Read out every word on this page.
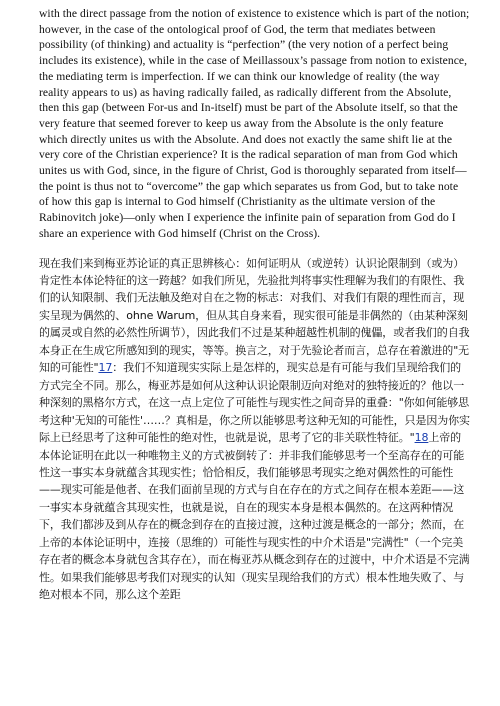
with the direct passage from the notion of existence to existence which is part of the notion; however, in the case of the ontological proof of God, the term that mediates between possibility (of thinking) and actuality is “perfection” (the very notion of a perfect being includes its existence), while in the case of Meillassoux’s passage from notion to existence, the mediating term is imperfection. If we can think our knowledge of reality (the way reality appears to us) as having radically failed, as radically different from the Absolute, then this gap (between For-us and In-itself) must be part of the Absolute itself, so that the very feature that seemed forever to keep us away from the Absolute is the only feature which directly unites us with the Absolute. And does not exactly the same shift lie at the very core of the Christian experience? It is the radical separation of man from God which unites us with God, since, in the figure of Christ, God is thoroughly separated from itself—the point is thus not to “overcome” the gap which separates us from God, but to take note of how this gap is internal to God himself (Christianity as the ultimate version of the Rabinovitch joke)—only when I experience the infinite pain of separation from God do I share an experience with God himself (Christ on the Cross).

现在我们来到梅亚苏论证的真正思辨核心：如何证明从（或逆转）认识论限制到（或为）肯定性本体论特征的这一跨越？如我们所见，先验批判将事实性理解为我们的有限性、我们的认知限制、我们无法触及绝对自在之物的标志：对我们、对我们有限的理性而言，现实呈现为偶然的、ohne Warum，但从其自身来看，现实很可能是非偶然的（由某种深刻的属灵或自然的必然性所调节），因此我们不过是某种超越性机制的傀儡，或者我们的自我本身正在生成它所感知到的现实，等等。换言之，对于先验论者而言，总存在着激进的"无知的可能性"17：我们不知道现实实际上是怎样的，现实总是有可能与我们呈现给我们的方式完全不同。那么，梅亚苏是如何从这种认识论限制迈向对绝对的独特接近的？他以一种深刻的黑格尔方式，在这一点上定位了可能性与现实性之间奇异的重叠："你如何能够思考这种'无知的可能性'……？真相是，你之所以能够思考这种无知的可能性，只是因为你实际上已经思考了这种可能性的绝对性，也就是说，思考了它的非关联性特征。"18上帝的本体论证明在此以一种唯物主义的方式被倒转了：并非我们能够思考一个至高存在的可能性这一事实本身就蕴含其现实性；恰恰相反，我们能够思考现实之绝对偶然性的可能性——现实可能是他者、在我们面前呈现的方式与自在存在的方式之间存在根本差距——这一事实本身就蕴含其现实性，也就是说，自在的现实本身是根本偶然的。在这两种情况下，我们都涉及到从存在的概念到存在的直接过渡，这种过渡是概念的一部分；然而，在上帝的本体论证明中，连接（思维的）可能性与现实性的中介术语是"完满性"（一个完美存在者的概念本身就包含其存在），而在梅亚苏从概念到存在的过渡中，中介术语是不完满性。如果我们能够思考我们对现实的认知（现实呈现给我们的方式）根本性地失败了、与绝对根本不同，那么这个差距
